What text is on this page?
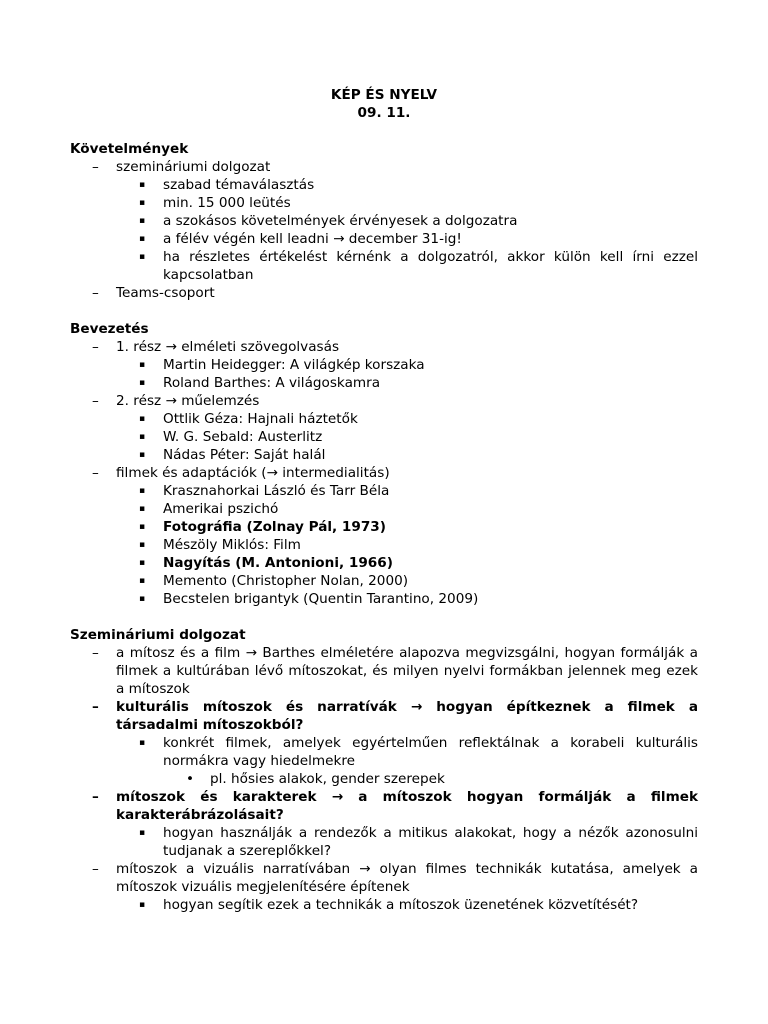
KÉP ÉS NYELV
09. 11.
Követelmények
– szemináriumi dolgozat
▪ szabad témaválasztás
▪ min. 15 000 leütés
▪ a szokásos követelmények érvényesek a dolgozatra
▪ a félév végén kell leadni → december 31-ig!
▪ ha részletes értékelést kérnénk a dolgozatról, akkor külön kell írni ezzel kapcsolatban
– Teams-csoport
Bevezetés
– 1. rész → elméleti szövegolvasás
▪ Martin Heidegger: A világkép korszaka
▪ Roland Barthes: A világoskamra
– 2. rész → műelemzés
▪ Ottlik Géza: Hajnali háztetők
▪ W. G. Sebald: Austerlitz
▪ Nádas Péter: Saját halál
– filmek és adaptációk (→ intermedialitás)
▪ Krasznahorkai László és Tarr Béla
▪ Amerikai pszichó
▪ Fotográfia (Zolnay Pál, 1973)
▪ Mészöly Miklós: Film
▪ Nagyítás (M. Antonioni, 1966)
▪ Memento (Christopher Nolan, 2000)
▪ Becstelen brigantyk (Quentin Tarantino, 2009)
Szemináriumi dolgozat
– a mítosz és a film → Barthes elméletére alapozva megvizsgálni, hogyan formálják a filmek a kultúrában lévő mítoszokat, és milyen nyelvi formákban jelennek meg ezek a mítoszok
– kulturális mítoszok és narratívák → hogyan építkeznek a filmek a társadalmi mítoszokból?
▪ konkrét filmek, amelyek egyértelműen reflektálnak a korabeli kulturális normákra vagy hiedelmekre
• pl. hősies alakok, gender szerepek
– mítoszok és karakterek → a mítoszok hogyan formálják a filmek karakterábrázolásait?
▪ hogyan használják a rendezők a mitikus alakokat, hogy a nézők azonosulni tudjanak a szereplőkkel?
– mítoszok a vizuális narratívában → olyan filmes technikák kutatása, amelyek a mítoszok vizuális megjelenítésére építenek
▪ hogyan segítik ezek a technikák a mítoszok üzenetének közvetítését?
